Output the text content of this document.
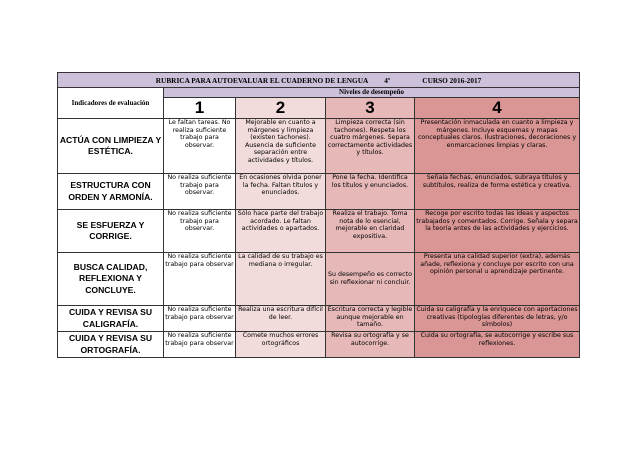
RUBRICA PARA AUTOEVALUAR EL CUADERNO DE LENGUA 4º CURSO 2016-2017				
Indicadores de evaluación	Niveles de desempeño			
	1	2	3	4
ACTÚA CON LIMPIEZA Y ESTÉTICA.	Le faltan tareas. No realiza suficiente trabajo para observar.	Mejorable en cuanto a márgenes y limpieza (existen tachones). Ausencia de suficiente separación entre actividades y títulos.	Limpieza correcta (sin tachones). Respeta los cuatro márgenes. Separa correctamente actividades y títulos.	Presentación inmaculada en cuanto a limpieza y márgenes. Incluye esquemas y mapas conceptuales claros. Ilustraciones, decoraciones y enmarcaciones limpias y claras.
ESTRUCTURA CON ORDEN Y ARMONÍA.	No realiza suficiente trabajo para observar.	En ocasiones olvida poner la fecha. Faltan títulos y enunciados.	Pone la fecha. Identifica los títulos y enunciados.	Señala fechas, enunciados, subraya títulos y subtítulos, realiza de forma estética y creativa.
SE ESFUERZA Y CORRIGE.	No realiza suficiente trabajo para observar.	Sólo hace parte del trabajo acordado. Le faltan actividades o apartados.	Realiza el trabajo. Toma nota de lo esencial, mejorable en claridad expositiva.	Recoge por escrito todas las ideas y aspectos trabajados y comentados. Corrige. Señala y separa la teoría antes de las actividades y ejercicios.
BUSCA CALIDAD, REFLEXIONA Y CONCLUYE.	No realiza suficiente trabajo para observar	La calidad de su trabajo es mediana o irregular.	Su desempeño es correcto sin reflexionar ni concluir.	Presenta una calidad superior (extra), además añade, reflexiona y concluye por escrito con una opinión personal u aprendizaje pertinente.
CUIDA Y REVISA SU CALIGRAFÍA.	No realiza suficiente trabajo para observar	Realiza una escritura difícil de leer.	Escritura correcta y legible aunque mejorable en tamaño.	Cuida su caligrafía y la enriquece con aportaciones creativas (tipologías diferentes de letras, y/o símbolos)
CUIDA Y REVISA SU ORTOGRAFÍA.	No realiza suficiente trabajo para observar	Comete muchos errores ortográficos	Revisa su ortografía y se autocorrige.	Cuida su ortografía, se autocorrige y escribe sus reflexiones.
